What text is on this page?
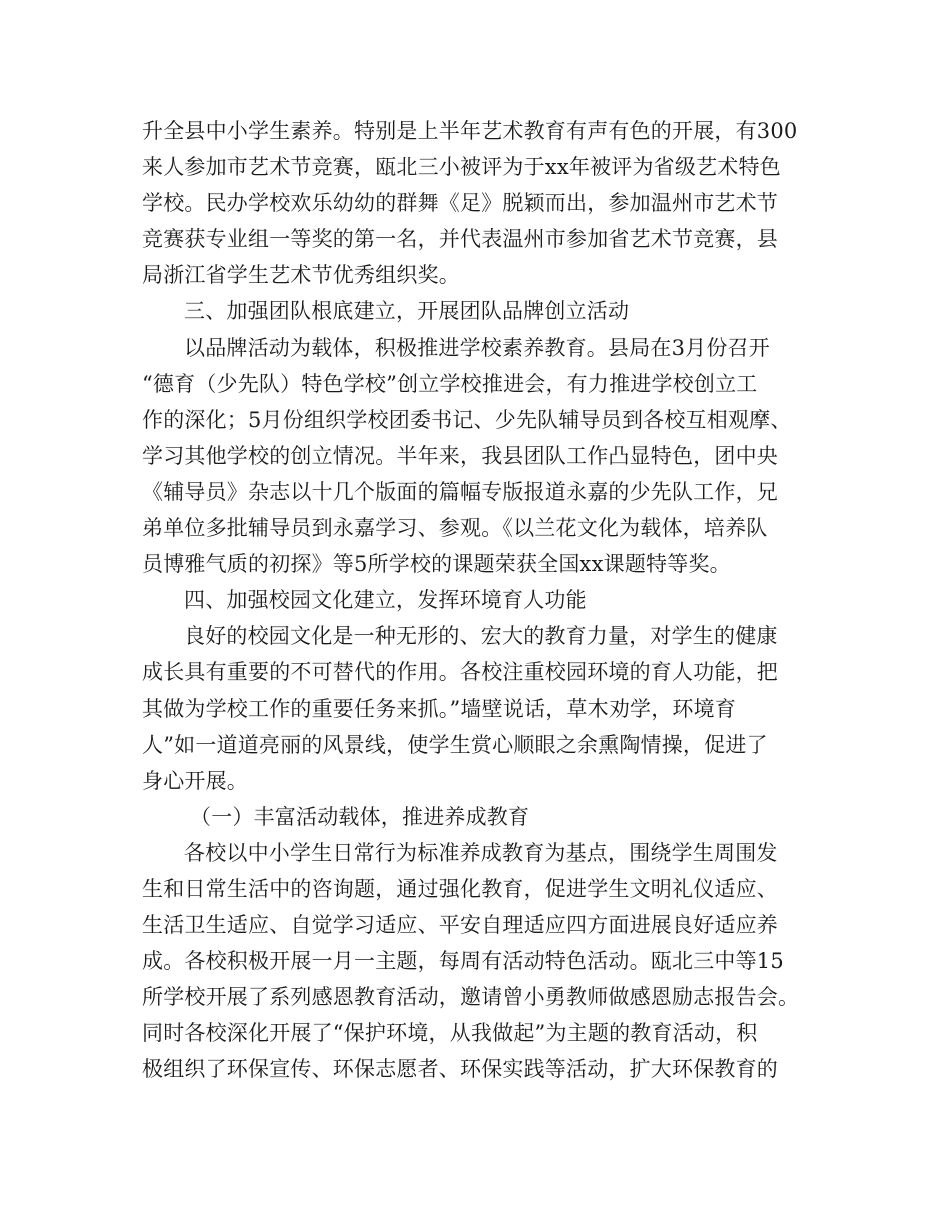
升全县中小学生素养。特别是上半年艺术教育有声有色的开展，有300
来人参加市艺术节竞赛，瓯北三小被评为于xx年被评为省级艺术特色
学校。民办学校欢乐幼幼的群舞《足》脱颖而出，参加温州市艺术节
竞赛获专业组一等奖的第一名，并代表温州市参加省艺术节竞赛，县
局浙江省学生艺术节优秀组织奖。
三、加强团队根底建立，开展团队品牌创立活动
以品牌活动为载体，积极推进学校素养教育。县局在3月份召开
“德育（少先队）特色学校”创立学校推进会，有力推进学校创立工
作的深化；5月份组织学校团委书记、少先队辅导员到各校互相观摩、
学习其他学校的创立情况。半年来，我县团队工作凸显特色，团中央
《辅导员》杂志以十几个版面的篇幅专版报道永嘉的少先队工作，兄
弟单位多批辅导员到永嘉学习、参观。《以兰花文化为载体，培养队
员博雅气质的初探》等5所学校的课题荣获全国xx课题特等奖。
四、加强校园文化建立，发挥环境育人功能
良好的校园文化是一种无形的、宏大的教育力量，对学生的健康
成长具有重要的不可替代的作用。各校注重校园环境的育人功能，把
其做为学校工作的重要任务来抓。”墙壁说话，草木劝学，环境育
人”如一道道亮丽的风景线，使学生赏心顺眼之余熏陶情操，促进了
身心开展。
（一）丰富活动载体，推进养成教育
各校以中小学生日常行为标准养成教育为基点，围绕学生周围发
生和日常生活中的咨询题，通过强化教育，促进学生文明礼仪适应、
生活卫生适应、自觉学习适应、平安自理适应四方面进展良好适应养
成。各校积极开展一月一主题，每周有活动特色活动。瓯北三中等15
所学校开展了系列感恩教育活动，邀请曾小勇教师做感恩励志报告会。
同时各校深化开展了“保护环境，从我做起”为主题的教育活动，积
极组织了环保宣传、环保志愿者、环保实践等活动，扩大环保教育的
